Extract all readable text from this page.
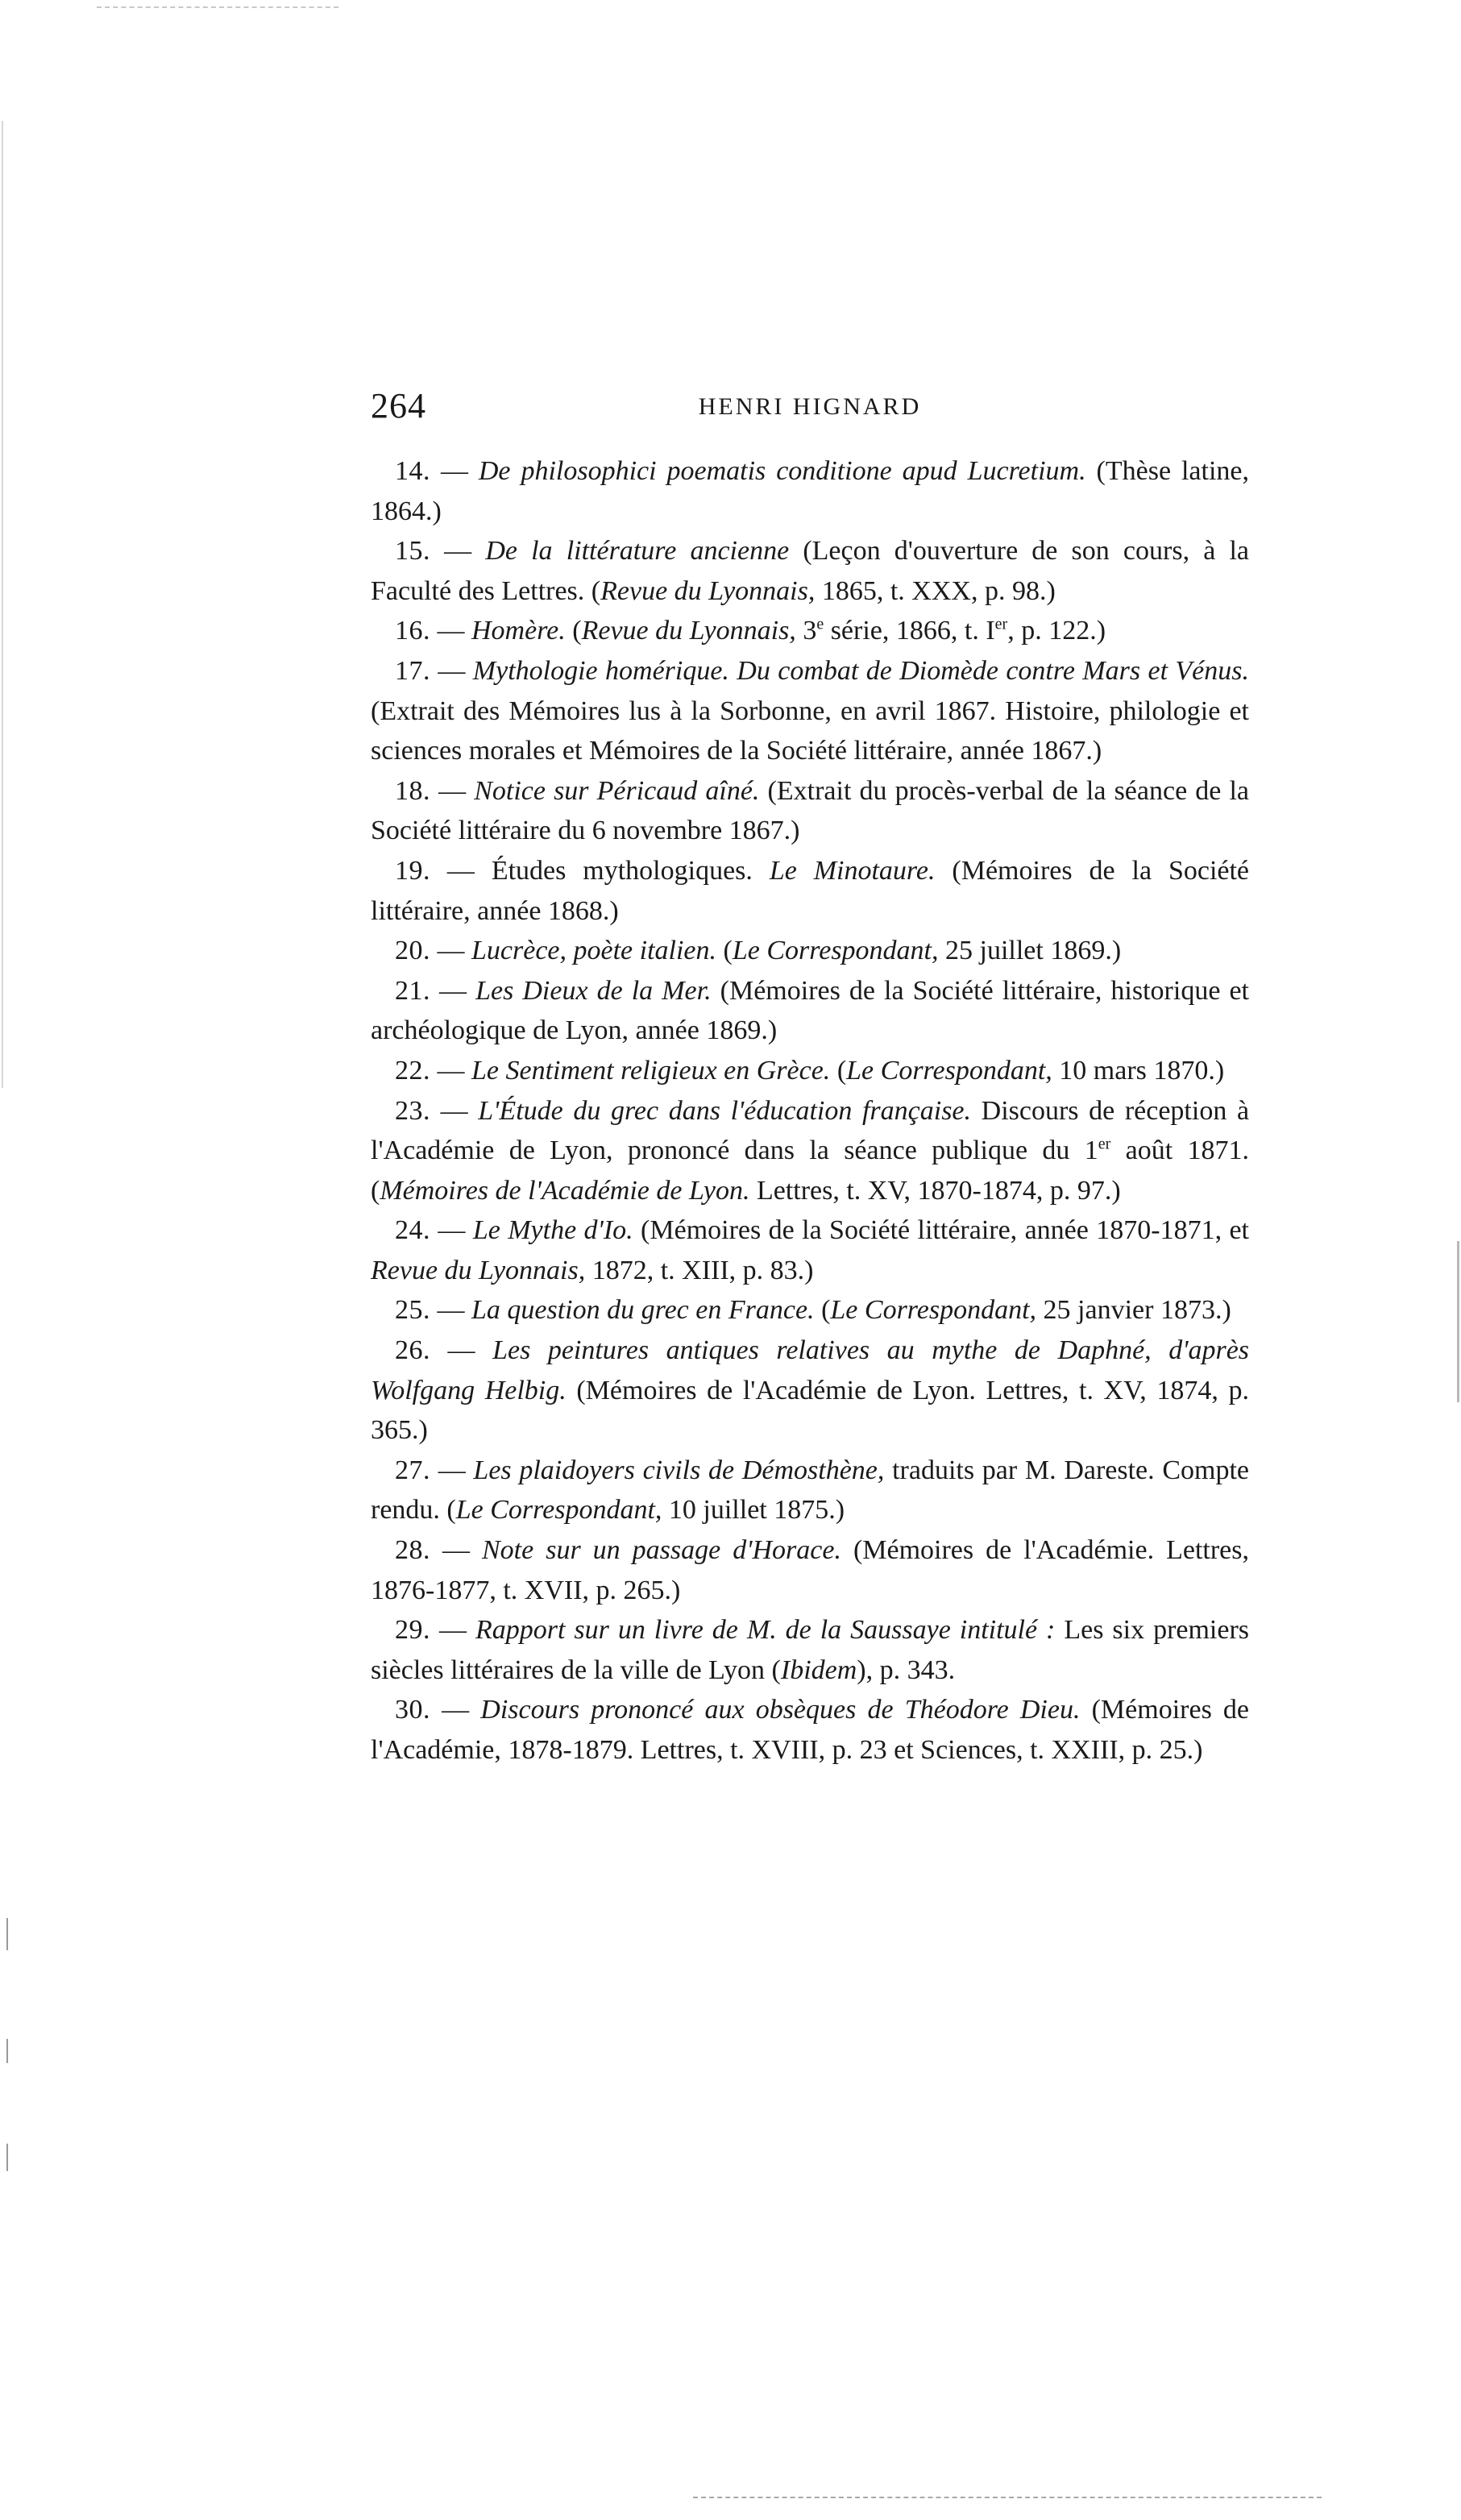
264	HENRI HIGNARD

14. — De philosophici poematis conditione apud Lucretium. (Thèse latine, 1864.)

15. — De la littérature ancienne (Leçon d'ouverture de son cours, à la Faculté des Lettres. (Revue du Lyonnais, 1865, t. XXX, p. 98.)

16. — Homère. (Revue du Lyonnais, 3e série, 1866, t. Ier, p. 122.)

17. — Mythologie homérique. Du combat de Diomède contre Mars et Vénus. (Extrait des Mémoires lus à la Sorbonne, en avril 1867. Histoire, philologie et sciences morales et Mémoires de la Société littéraire, année 1867.)

18. — Notice sur Péricaud aîné. (Extrait du procès-verbal de la séance de la Société littéraire du 6 novembre 1867.)

19. — Études mythologiques. Le Minotaure. (Mémoires de la Société littéraire, année 1868.)

20. — Lucrèce, poète italien. (Le Correspondant, 25 juillet 1869.)

21. — Les Dieux de la Mer. (Mémoires de la Société littéraire, historique et archéologique de Lyon, année 1869.)

22. — Le Sentiment religieux en Grèce. (Le Correspondant, 10 mars 1870.)

23. — L'Étude du grec dans l'éducation française. Discours de réception à l'Académie de Lyon, prononcé dans la séance publique du 1er août 1871. (Mémoires de l'Académie de Lyon. Lettres, t. XV, 1870-1874, p. 97.)

24. — Le Mythe d'Io. (Mémoires de la Société littéraire, année 1870-1871, et Revue du Lyonnais, 1872, t. XIII, p. 83.)

25. — La question du grec en France. (Le Correspondant, 25 janvier 1873.)

26. — Les peintures antiques relatives au mythe de Daphné, d'après Wolfgang Helbig. (Mémoires de l'Académie de Lyon. Lettres, t. XV, 1874, p. 365.)

27. — Les plaidoyers civils de Démosthène, traduits par M. Dareste. Compte rendu. (Le Correspondant, 10 juillet 1875.)

28. — Note sur un passage d'Horace. (Mémoires de l'Académie. Lettres, 1876-1877, t. XVII, p. 265.)

29. — Rapport sur un livre de M. de la Saussaye intitulé : Les six premiers siècles littéraires de la ville de Lyon (Ibidem), p. 343.

30. — Discours prononcé aux obsèques de Théodore Dieu. (Mémoires de l'Académie, 1878-1879. Lettres, t. XVIII, p. 23 et Sciences, t. XXIII, p. 25.)
